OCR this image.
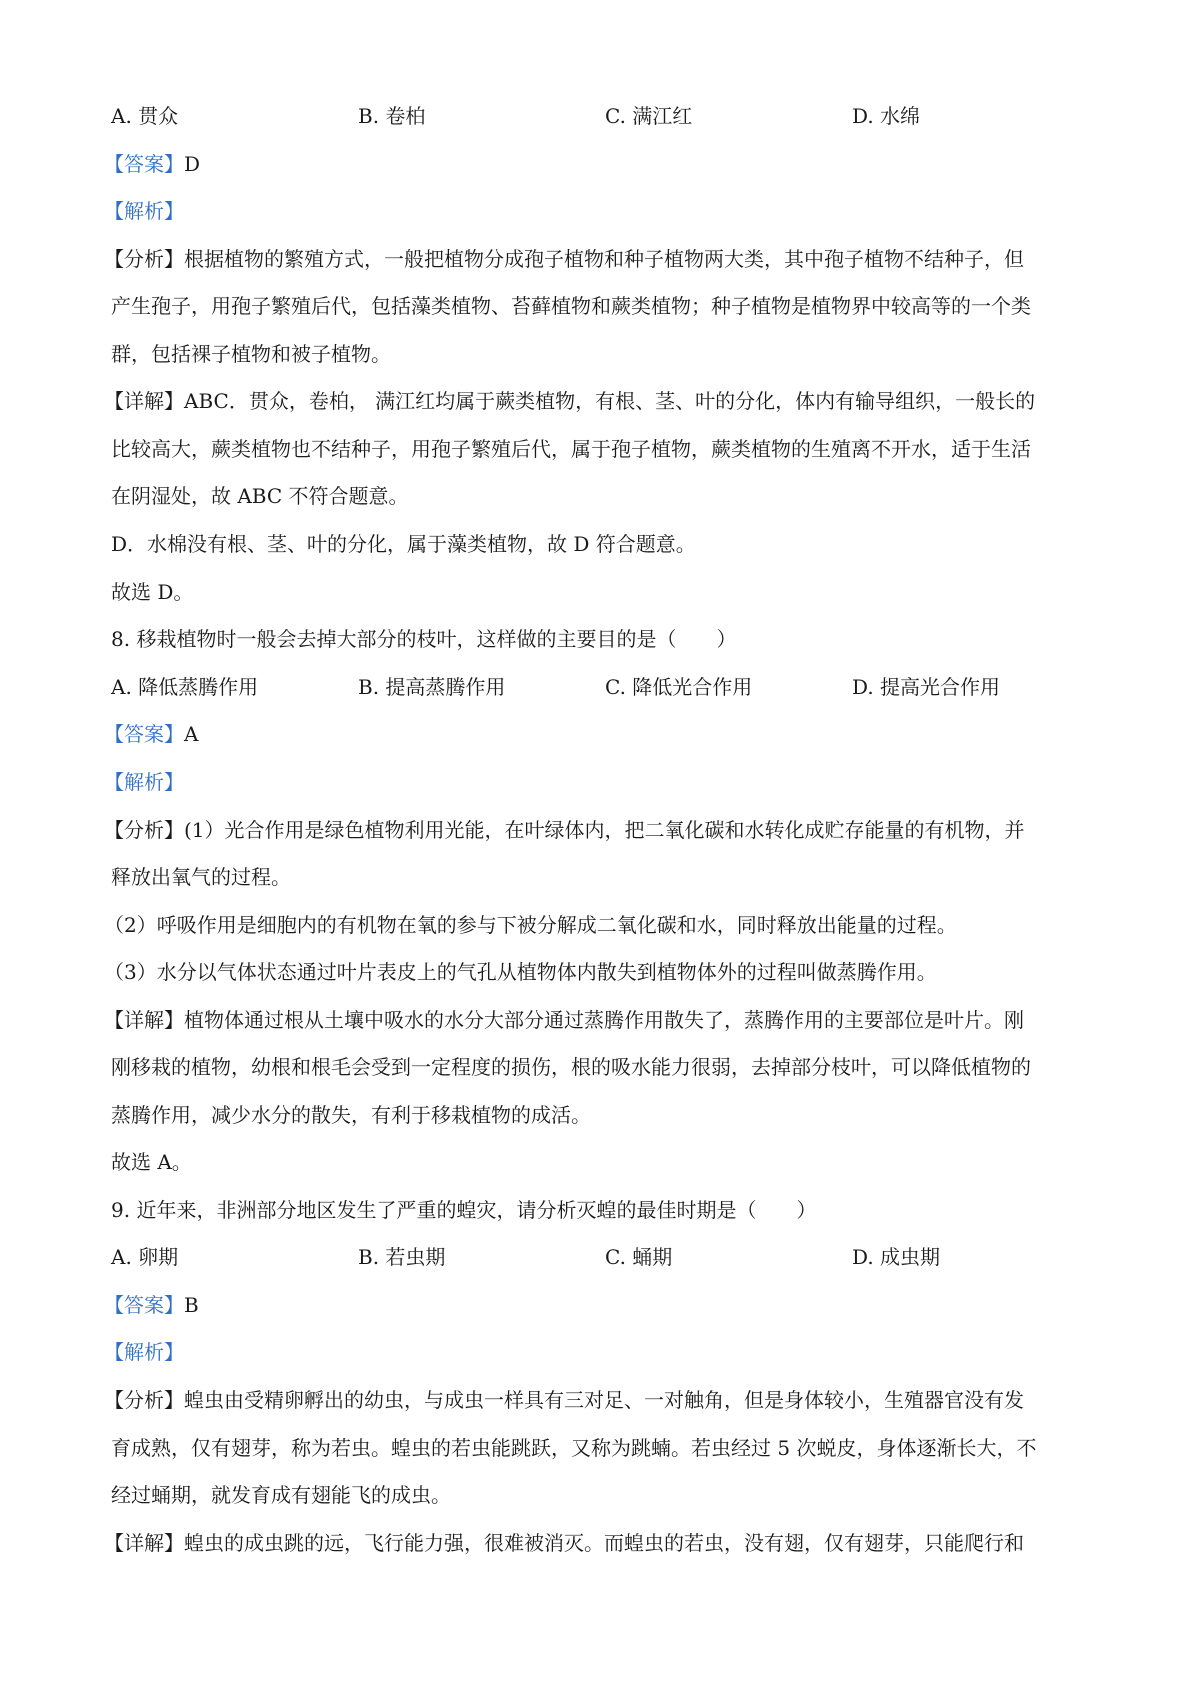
A. 贯众	B. 卷柏	C. 满江红	D. 水绵

【答案】D

【解析】

【分析】根据植物的繁殖方式，一般把植物分成孢子植物和种子植物两大类，其中孢子植物不结种子，但

产生孢子，用孢子繁殖后代，包括藻类植物、苔藓植物和蕨类植物；种子植物是植物界中较高等的一个类

群，包括裸子植物和被子植物。

【详解】ABC．贯众，卷柏， 满江红均属于蕨类植物，有根、茎、叶的分化，体内有输导组织，一般长的

比较高大，蕨类植物也不结种子，用孢子繁殖后代，属于孢子植物，蕨类植物的生殖离不开水，适于生活

在阴湿处，故 ABC 不符合题意。

D．水棉没有根、茎、叶的分化，属于藻类植物，故 D 符合题意。

故选 D。

8. 移栽植物时一般会去掉大部分的枝叶，这样做的主要目的是（　　）

A. 降低蒸腾作用	B. 提高蒸腾作用	C. 降低光合作用	D. 提高光合作用

【答案】A

【解析】

【分析】(1）光合作用是绿色植物利用光能，在叶绿体内，把二氧化碳和水转化成贮存能量的有机物，并

释放出氧气的过程。

（2）呼吸作用是细胞内的有机物在氧的参与下被分解成二氧化碳和水，同时释放出能量的过程。

（3）水分以气体状态通过叶片表皮上的气孔从植物体内散失到植物体外的过程叫做蒸腾作用。

【详解】植物体通过根从土壤中吸水的水分大部分通过蒸腾作用散失了，蒸腾作用的主要部位是叶片。刚

刚移栽的植物，幼根和根毛会受到一定程度的损伤，根的吸水能力很弱，去掉部分枝叶，可以降低植物的

蒸腾作用，减少水分的散失，有利于移栽植物的成活。

故选 A。

9. 近年来，非洲部分地区发生了严重的蝗灾，请分析灭蝗的最佳时期是（　　）

A. 卵期	B. 若虫期	C. 蛹期	D. 成虫期

【答案】B

【解析】

【分析】蝗虫由受精卵孵出的幼虫，与成虫一样具有三对足、一对触角，但是身体较小，生殖器官没有发

育成熟，仅有翅芽，称为若虫。蝗虫的若虫能跳跃，又称为跳蝻。若虫经过 5 次蜕皮，身体逐渐长大，不

经过蛹期，就发育成有翅能飞的成虫。

【详解】蝗虫的成虫跳的远，飞行能力强，很难被消灭。而蝗虫的若虫，没有翅，仅有翅芽，只能爬行和
